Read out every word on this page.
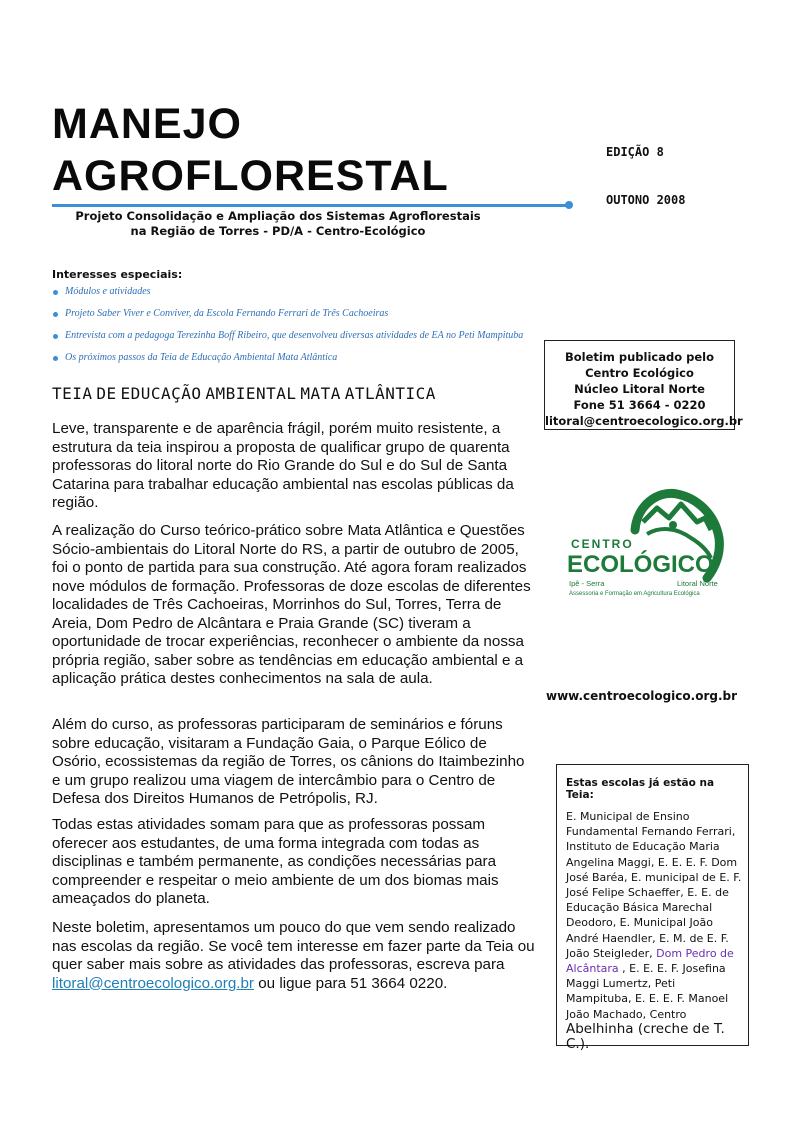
MANEJO
AGROFLORESTAL	EDIÇÃO 8
OUTONO 2008
Projeto Consolidação e Ampliação dos Sistemas Agroflorestais
na Região de Torres - PD/A - Centro-Ecológico
Interesses especiais:
Módulos e atividades
Projeto Saber Viver e Conviver, da Escola Fernando Ferrari de Três Cachoeiras
Entrevista com a pedagoga Terezinha Boff Ribeiro, que desenvolveu diversas atividades de EA no Peti Mampituba
Os próximos passos da Teia de Educação Ambiental Mata Atlântica
TEIA DE EDUCAÇÃO AMBIENTAL MATA ATLÂNTICA

Leve, transparente e de aparência frágil, porém muito resistente, a estrutura da teia inspirou a proposta de qualificar grupo de quarenta professoras do litoral norte do Rio Grande do Sul e do Sul de Santa Catarina para trabalhar educação ambiental nas escolas públicas da região.

A realização do Curso teórico-prático sobre Mata Atlântica e Questões Sócio-ambientais do Litoral Norte do RS, a partir de outubro de 2005, foi o ponto de partida para sua construção. Até agora foram realizados nove módulos de formação. Professoras de doze escolas de diferentes localidades de Três Cachoeiras, Morrinhos do Sul, Torres, Terra de Areia, Dom Pedro de Alcântara e Praia Grande (SC) tiveram a oportunidade de trocar experiências, reconhecer o ambiente da nossa própria região, saber sobre as tendências em educação ambiental e a aplicação prática destes conhecimentos na sala de aula.

Além do curso, as professoras participaram de seminários e fóruns sobre educação, visitaram a Fundação Gaia, o Parque Eólico de Osório, ecossistemas da região de Torres, os cânions do Itaimbezinho e um grupo realizou uma viagem de intercâmbio para o Centro de Defesa dos Direitos Humanos de Petrópolis, RJ.

Todas estas atividades somam para que as professoras possam oferecer aos estudantes, de uma forma integrada com todas as disciplinas e também permanente, as condições necessárias para compreender e respeitar o meio ambiente de um dos biomas mais ameaçados do planeta.

Neste boletim, apresentamos um pouco do que vem sendo realizado nas escolas da região. Se você tem interesse em fazer parte da Teia ou quer saber mais sobre as atividades das professoras, escreva para litoral@centroecologico.org.br ou ligue para 51 3664 0220.

Boletim publicado pelo
Centro Ecológico
Núcleo Litoral Norte
Fone 51 3664 - 0220
litoral@centroecologico.org.br
CENTRO
ECOLÓGICO
Ipê - Serra	Litoral Norte
Assessoria e Formação em Agricultura Ecológica
www.centroecologico.org.br
Estas escolas já estão na Teia:
E. Municipal de Ensino Fundamental Fernando Ferrari, Instituto de Educação Maria Angelina Maggi, E. E. E. F. Dom José Baréa, E. municipal de E. F. José Felipe Schaeffer, E. E. de Educação Básica Marechal Deodoro, E. Municipal João André Haendler, E. M. de E. F. João Steigleder, Dom Pedro de Alcântara , E. E. E. F. Josefina Maggi Lumertz, Peti Mampituba, E. E. E. F. Manoel João Machado, Centro Abelhinha (creche de T. C.).
